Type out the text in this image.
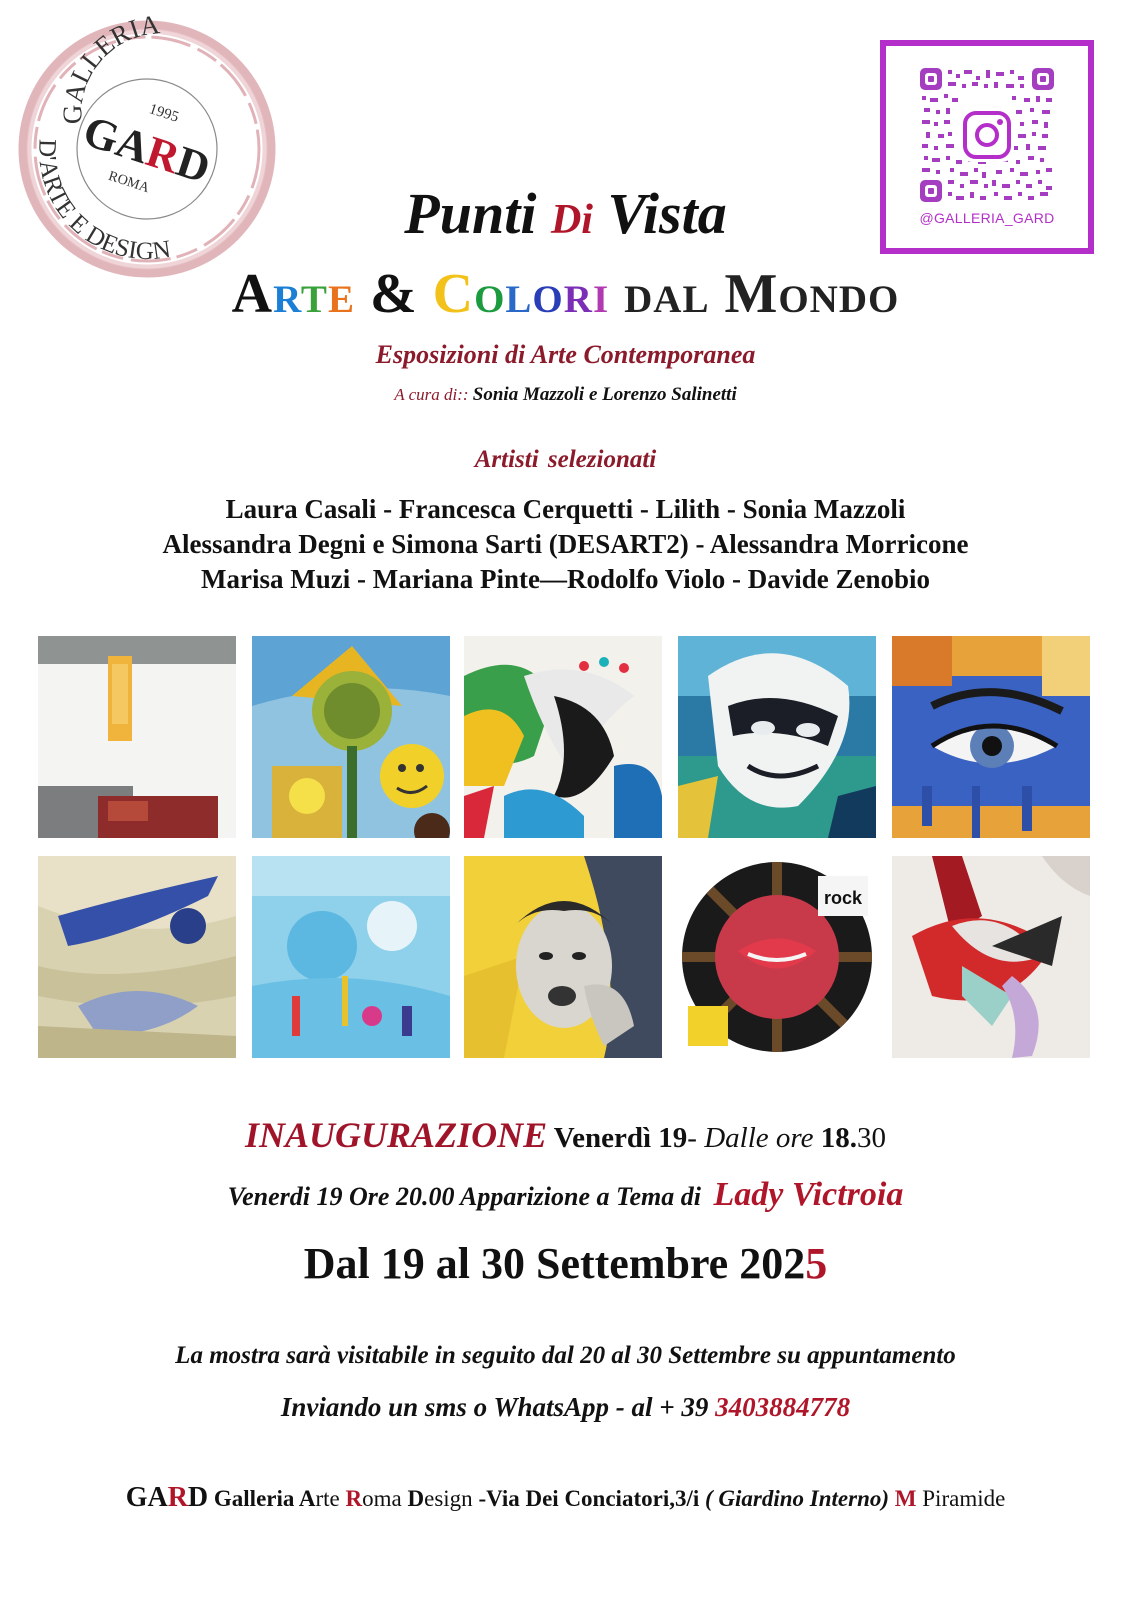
GALLERIA
D'ARTE E DESIGN
1995
GARD
ROMA
@GALLERIA_GARD
Punti Di Vista
Arte & Colori dal Mondo
Esposizioni di Arte Contemporanea
A cura di:: Sonia Mazzoli e Lorenzo Salinetti
Artisti selezionati
Laura Casali - Francesca Cerquetti - Lilith - Sonia Mazzoli
Alessandra Degni e Simona Sarti (DESART2) - Alessandra Morricone
Marisa Muzi - Mariana Pinte—Rodolfo Violo - Davide Zenobio
rock
INAUGURAZIONE Venerdì 19- Dalle ore 18.30
Venerdi 19 Ore 20.00 Apparizione a Tema di Lady Victroia
Dal 19 al 30 Settembre 2025
La mostra sarà visitabile in seguito dal 20 al 30 Settembre su appuntamento
Inviando un sms o WhatsApp - al + 39 3403884778
GARD Galleria Arte Roma Design -Via Dei Conciatori,3/i ( Giardino Interno) M Piramide
